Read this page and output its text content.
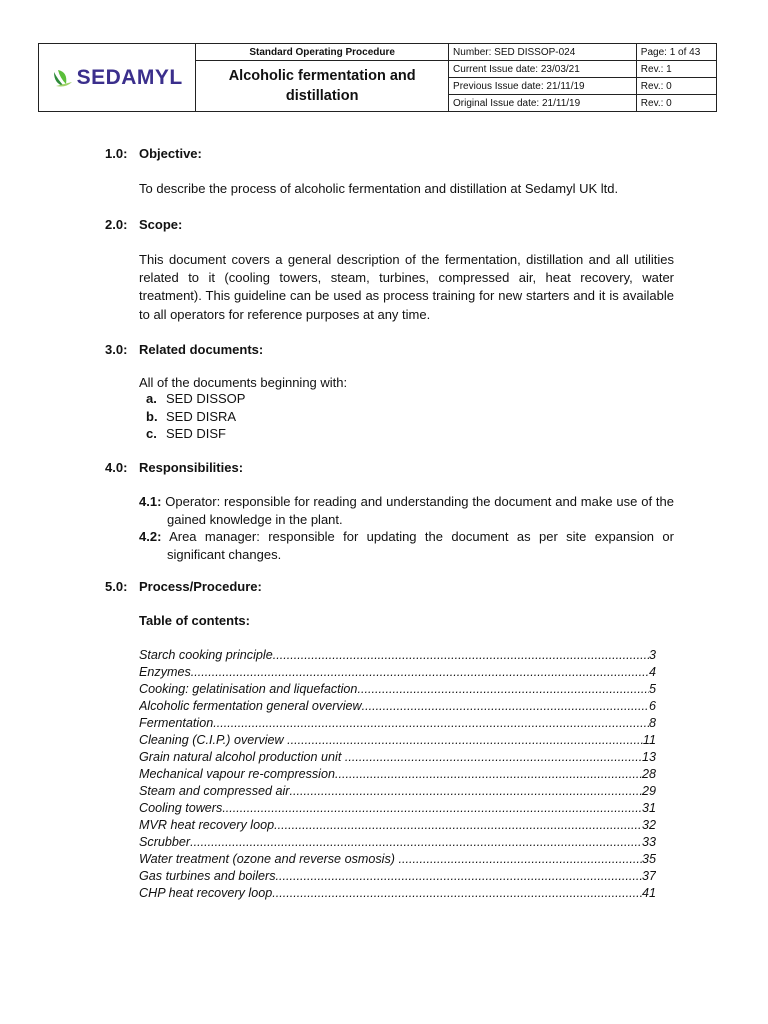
SEDAMYL	Standard Operating Procedure	Number: SED DISSOP-024	Page: 1 of 43
	Alcoholic fermentation and
distillation	Current Issue date: 23/03/21	Rev.: 1
		Previous Issue date: 21/11/19	Rev.: 0
		Original Issue date: 21/11/19	Rev.: 0
1.0: Objective:
To describe the process of alcoholic fermentation and distillation at Sedamyl UK ltd.
2.0: Scope:
This document covers a general description of the fermentation, distillation and all utilities related to it (cooling towers, steam, turbines, compressed air, heat recovery, water treatment). This guideline can be used as process training for new starters and it is available to all operators for reference purposes at any time.
3.0: Related documents:
All of the documents beginning with:
a. SED DISSOP
b. SED DISRA
c. SED DISF
4.0: Responsibilities:
4.1: Operator: responsible for reading and understanding the document and make use of the gained knowledge in the plant.
4.2: Area manager: responsible for updating the document as per site expansion or significant changes.
5.0: Process/Procedure:
Table of contents:
Starch cooking principle .....	3
Enzymes .....	4
Cooking: gelatinisation and liquefaction .....	5
Alcoholic fermentation general overview .....	6
Fermentation .....	8
Cleaning (C.I.P.) overview .....	11
Grain natural alcohol production unit .....	13
Mechanical vapour re-compression .....	28
Steam and compressed air .....	29
Cooling towers .....	31
MVR heat recovery loop .....	32
Scrubber .....	33
Water treatment (ozone and reverse osmosis) .....	35
Gas turbines and boilers .....	37
CHP heat recovery loop .....	41
